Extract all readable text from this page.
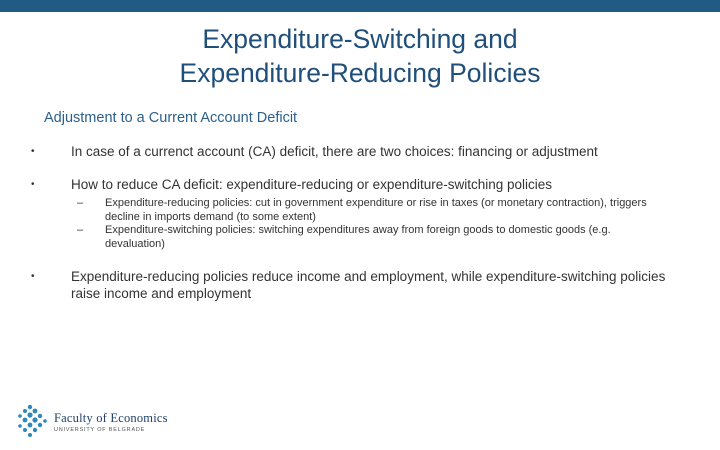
Expenditure-Switching and
Expenditure-Reducing Policies
Adjustment to a Current Account Deficit
•	In case of a currenct account (CA) deficit, there are two choices: financing or adjustment
•	How to reduce CA deficit: expenditure-reducing or expenditure-switching policies
– Expenditure-reducing policies: cut in government expenditure or rise in taxes (or monetary contraction), triggers decline in imports demand (to some extent)
– Expenditure-switching policies: switching expenditures away from foreign goods to domestic goods (e.g. devaluation)
•	Expenditure-reducing policies reduce income and employment, while expenditure-switching policies raise income and employment
Faculty of Economics
UNIVERSITY OF BELGRADE
